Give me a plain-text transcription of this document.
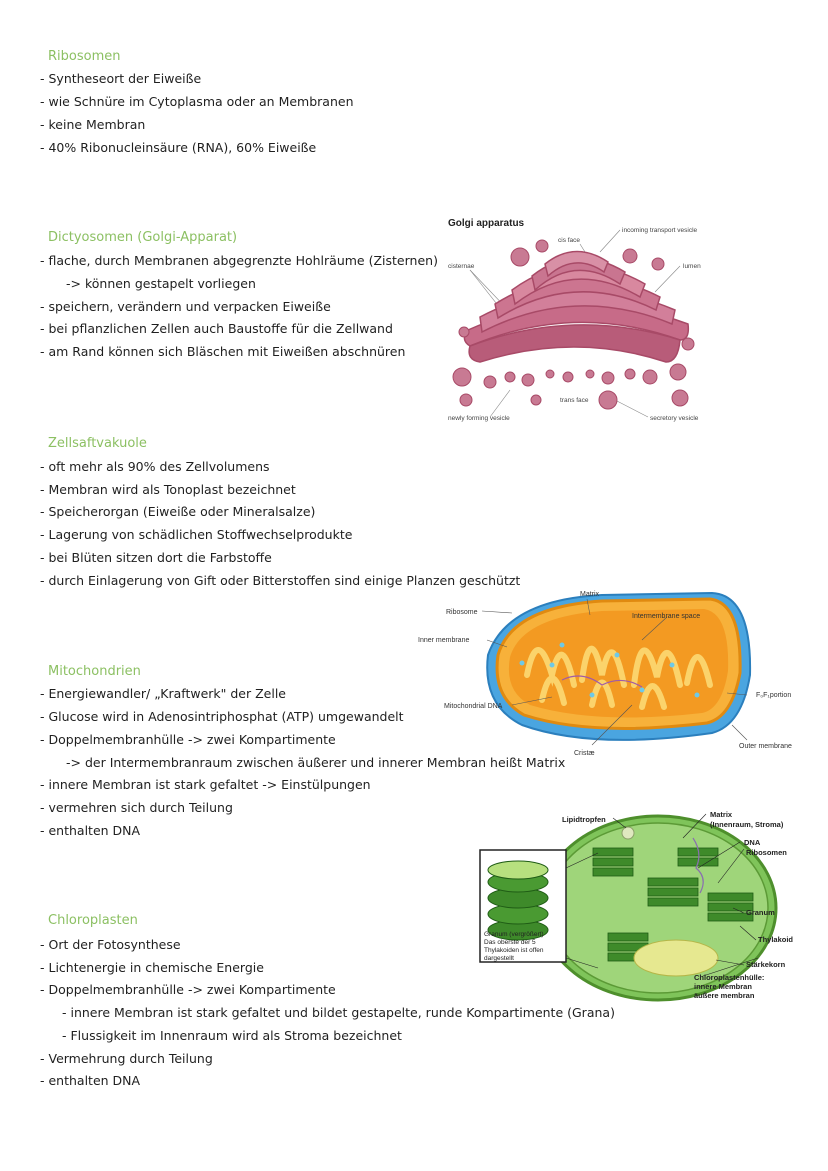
Ribosomen
- Syntheseort der Eiweiße
- wie Schnüre im Cytoplasma oder an Membranen
- keine Membran
- 40% Ribonucleinsäure (RNA), 60% Eiweiße
Dictyosomen (Golgi-Apparat)
- flache, durch Membranen abgegrenzte Hohlräume (Zisternen)
-> können gestapelt vorliegen
- speichern, verändern und verpacken Eiweiße
- bei pflanzlichen Zellen auch Baustoffe für die Zellwand
- am Rand können sich Bläschen mit Eiweißen abschnüren
Golgi apparatus
cis face
incoming transport vesicle
cisternae	lumen
trans face
newly forming vesicle	secretory vesicle
Zellsaftvakuole
- oft mehr als 90% des Zellvolumens
- Membran wird als Tonoplast bezeichnet
- Speicherorgan (Eiweiße oder Mineralsalze)
- Lagerung von schädlichen Stoffwechselprodukte
- bei Blüten sitzen dort die Farbstoffe
- durch Einlagerung von Gift oder Bitterstoffen sind einige Planzen geschützt
Matrix
Ribosome
Intermembrane space
Inner membrane
Mitochondrial DNA
F₀F₁portion
Cristæ
Outer membrane
Mitochondrien
- Energiewandler/ „Kraftwerk" der Zelle
- Glucose wird in Adenosintriphosphat (ATP) umgewandelt
- Doppelmembranhülle -> zwei Kompartimente
-> der Intermembranraum zwischen äußerer und innerer Membran heißt Matrix
- innere Membran ist stark gefaltet -> Einstülpungen
- vermehren sich durch Teilung
- enthalten DNA
Lipidtropfen
Matrix
(Innenraum, Stroma)
DNA
Ribosomen
Granum
Thylakoid
Stärkekorn
Chloroplastenhülle:
innere Membran
äußere membran
Granum (vergrößert)
Das oberste der 5
Thylakoiden ist offen
dargestellt
Chloroplasten
- Ort der Fotosynthese
- Lichtenergie in chemische Energie
- Doppelmembranhülle -> zwei Kompartimente
- innere Membran ist stark gefaltet und bildet gestapelte, runde Kompartimente (Grana)
- Flussigkeit im Innenraum wird als Stroma bezeichnet
- Vermehrung durch Teilung
- enthalten DNA
